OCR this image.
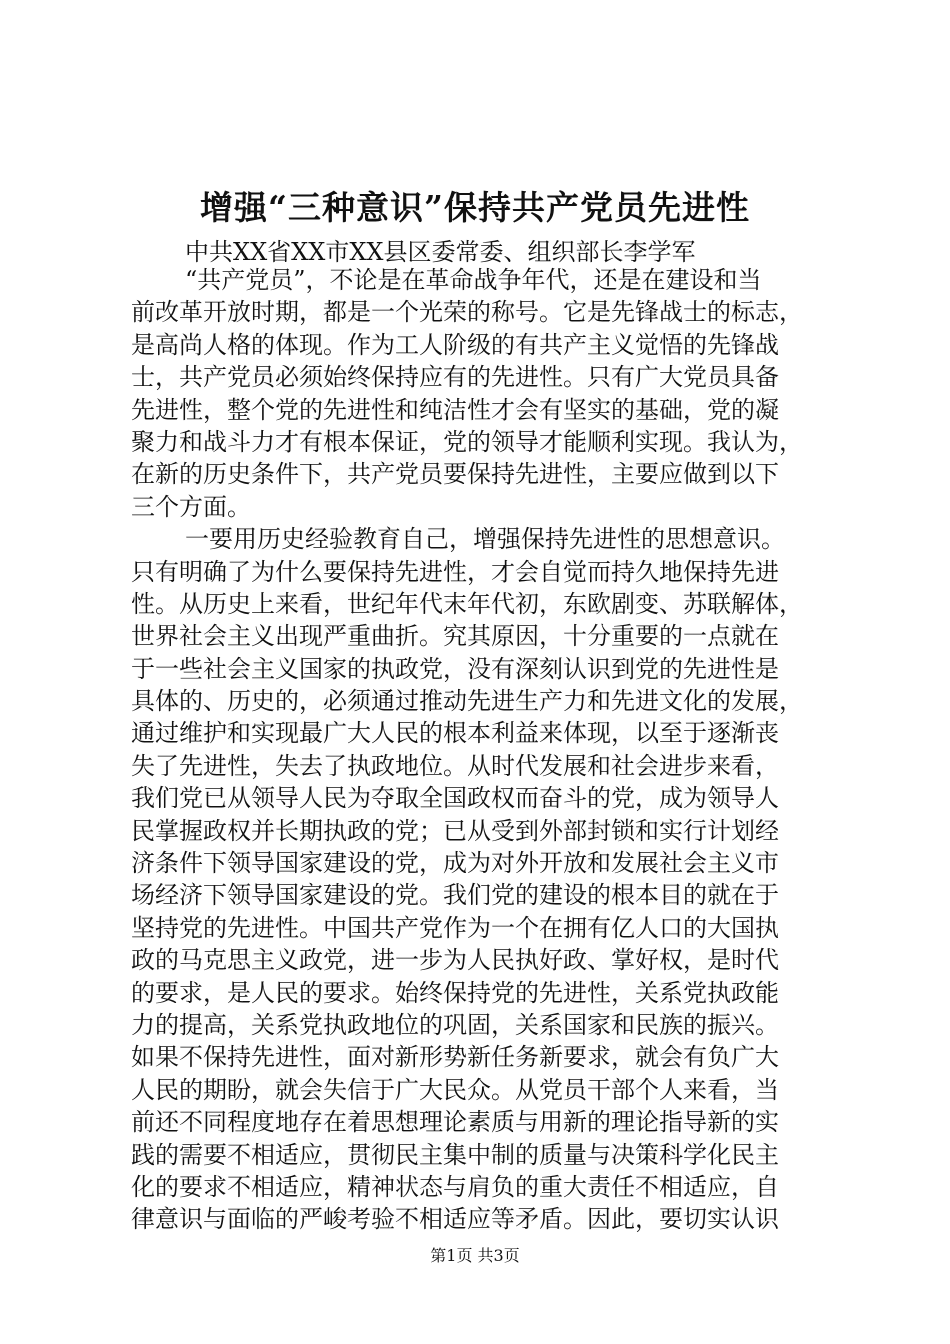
增强“三种意识”保持共产党员先进性
中共XX省XX市XX县区委常委、组织部长李学军
“共产党员”，不论是在革命战争年代，还是在建设和当
前改革开放时期，都是一个光荣的称号。它是先锋战士的标志，
是高尚人格的体现。作为工人阶级的有共产主义觉悟的先锋战
士，共产党员必须始终保持应有的先进性。只有广大党员具备
先进性，整个党的先进性和纯洁性才会有坚实的基础，党的凝
聚力和战斗力才有根本保证，党的领导才能顺利实现。我认为，
在新的历史条件下，共产党员要保持先进性，主要应做到以下
三个方面。
一要用历史经验教育自己，增强保持先进性的思想意识。
只有明确了为什么要保持先进性，才会自觉而持久地保持先进
性。从历史上来看，世纪年代末年代初，东欧剧变、苏联解体，
世界社会主义出现严重曲折。究其原因，十分重要的一点就在
于一些社会主义国家的执政党，没有深刻认识到党的先进性是
具体的、历史的，必须通过推动先进生产力和先进文化的发展，
通过维护和实现最广大人民的根本利益来体现，以至于逐渐丧
失了先进性，失去了执政地位。从时代发展和社会进步来看，
我们党已从领导人民为夺取全国政权而奋斗的党，成为领导人
民掌握政权并长期执政的党；已从受到外部封锁和实行计划经
济条件下领导国家建设的党，成为对外开放和发展社会主义市
场经济下领导国家建设的党。我们党的建设的根本目的就在于
坚持党的先进性。中国共产党作为一个在拥有亿人口的大国执
政的马克思主义政党，进一步为人民执好政、掌好权，是时代
的要求，是人民的要求。始终保持党的先进性，关系党执政能
力的提高，关系党执政地位的巩固，关系国家和民族的振兴。
如果不保持先进性，面对新形势新任务新要求，就会有负广大
人民的期盼，就会失信于广大民众。从党员干部个人来看，当
前还不同程度地存在着思想理论素质与用新的理论指导新的实
践的需要不相适应，贯彻民主集中制的质量与决策科学化民主
化的要求不相适应，精神状态与肩负的重大责任不相适应，自
律意识与面临的严峻考验不相适应等矛盾。因此，要切实认识
第1页 共3页
